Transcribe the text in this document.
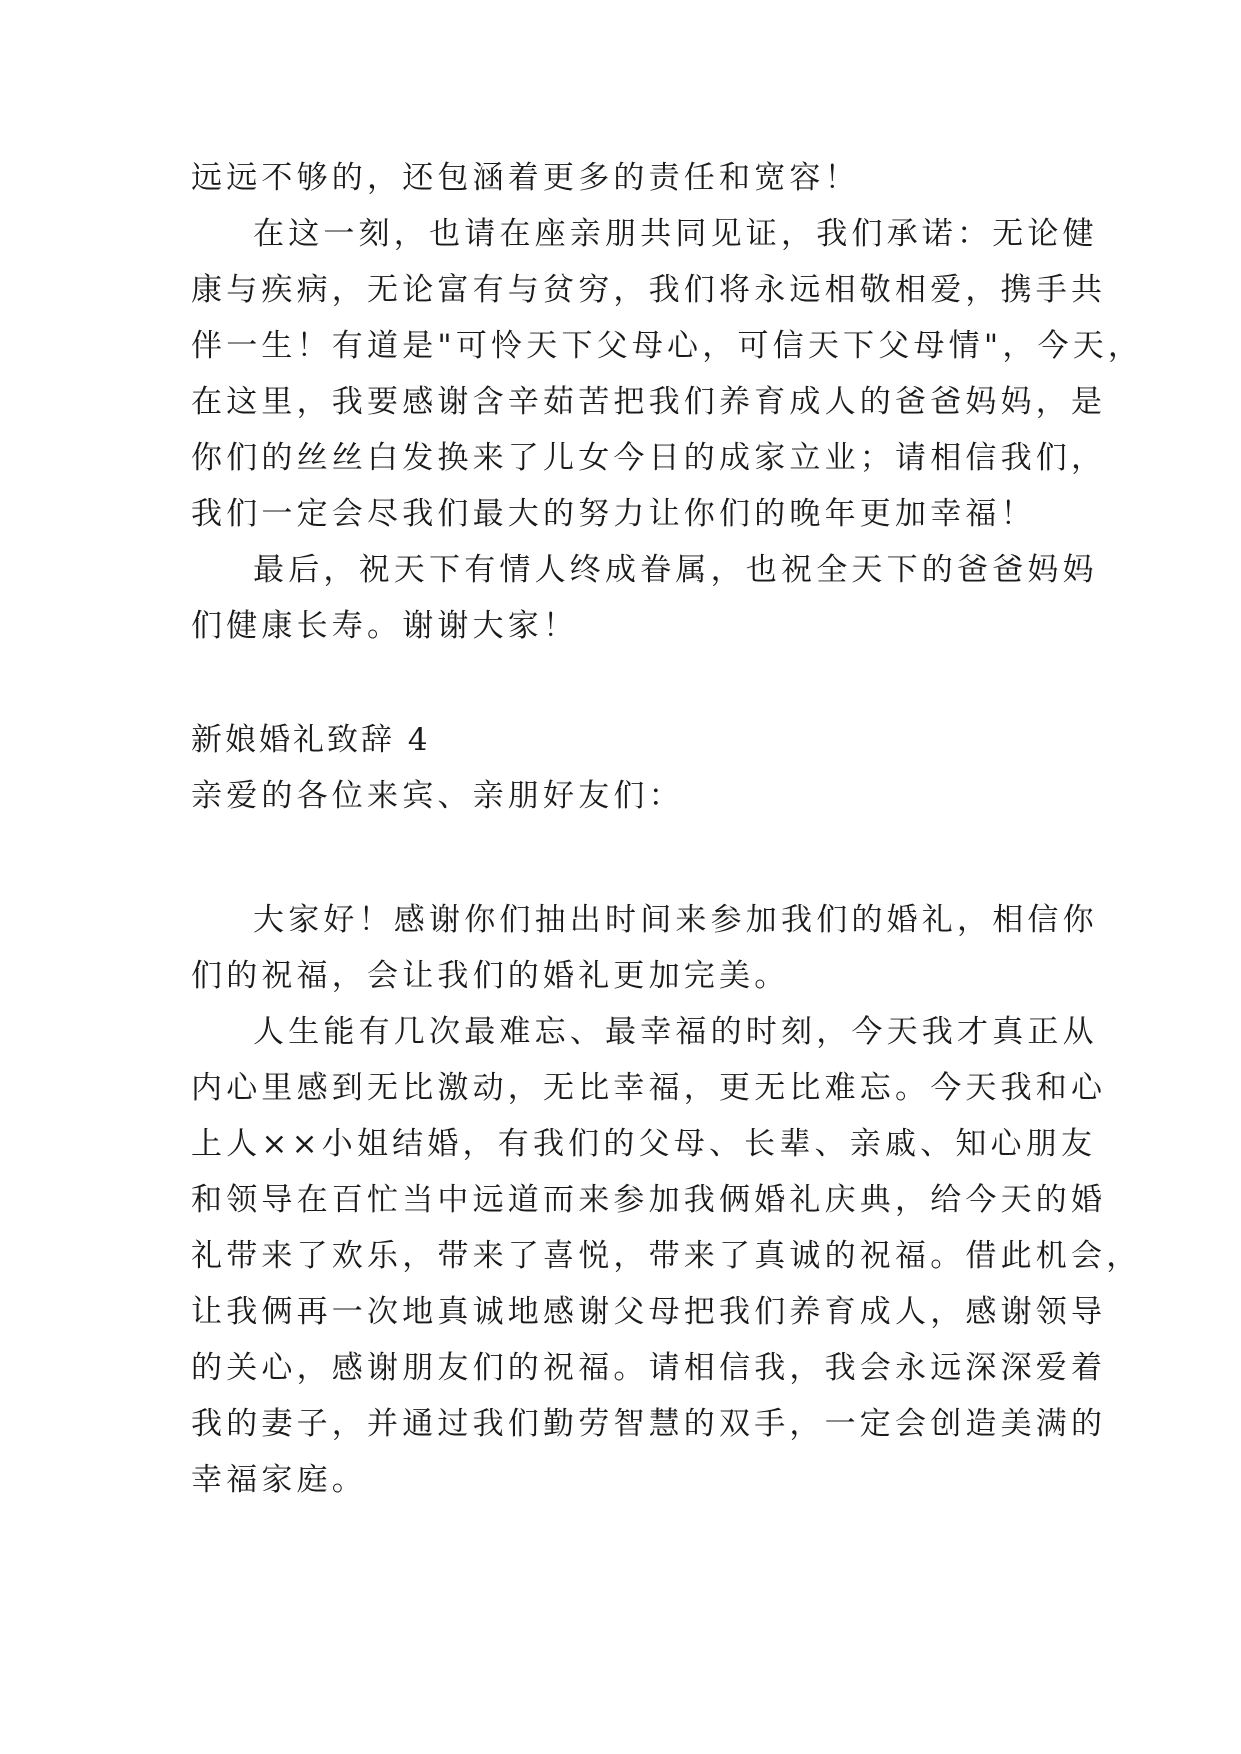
远远不够的，还包涵着更多的责任和宽容！
在这一刻，也请在座亲朋共同见证，我们承诺：无论健
康与疾病，无论富有与贫穷，我们将永远相敬相爱，携手共
伴一生！有道是"可怜天下父母心，可信天下父母情"，今天，
在这里，我要感谢含辛茹苦把我们养育成人的爸爸妈妈，是
你们的丝丝白发换来了儿女今日的成家立业；请相信我们，
我们一定会尽我们最大的努力让你们的晚年更加幸福！
最后，祝天下有情人终成眷属，也祝全天下的爸爸妈妈
们健康长寿。谢谢大家！
新娘婚礼致辞 4
亲爱的各位来宾、亲朋好友们：
大家好！感谢你们抽出时间来参加我们的婚礼，相信你
们的祝福，会让我们的婚礼更加完美。
人生能有几次最难忘、最幸福的时刻，今天我才真正从
内心里感到无比激动，无比幸福，更无比难忘。今天我和心
上人××小姐结婚，有我们的父母、长辈、亲戚、知心朋友
和领导在百忙当中远道而来参加我俩婚礼庆典，给今天的婚
礼带来了欢乐，带来了喜悦，带来了真诚的祝福。借此机会，
让我俩再一次地真诚地感谢父母把我们养育成人，感谢领导
的关心，感谢朋友们的祝福。请相信我，我会永远深深爱着
我的妻子，并通过我们勤劳智慧的双手，一定会创造美满的
幸福家庭。
